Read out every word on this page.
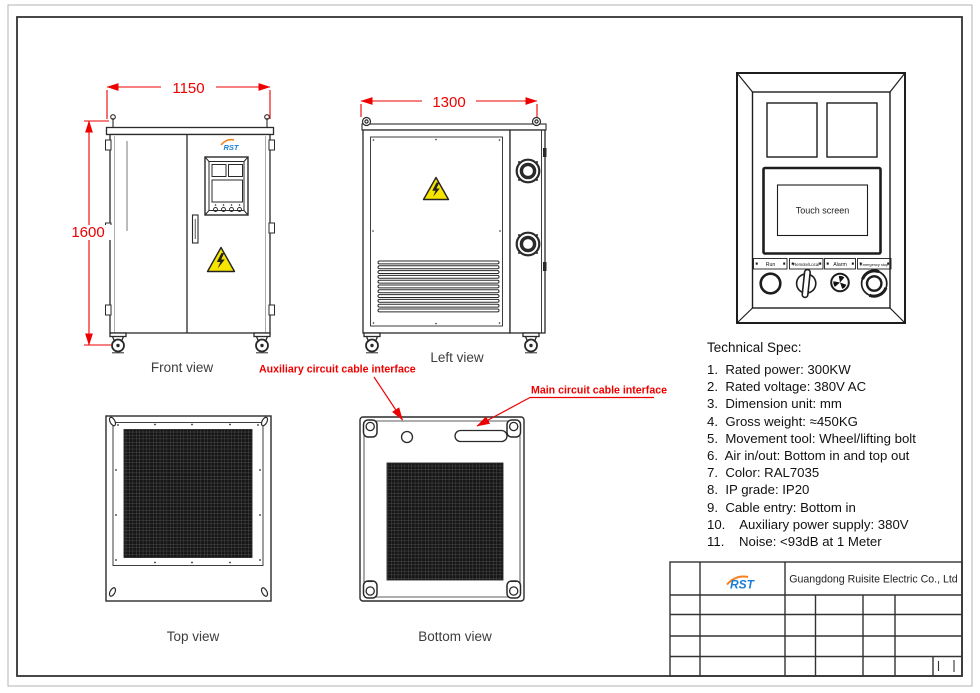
RST
1150
1600
Front view
1300
Left view
Touch screen
Run	Remote/Local	Alarm	Emergency stop
Top view	Bottom view
Auxiliary circuit cable interface
Main circuit cable interface
RST	Guangdong Ruisite Electric Co., Ltd
Technical Spec:
1.  Rated power: 300KW
2.  Rated voltage: 380V AC
3.  Dimension unit: mm
4.  Gross weight: ≈450KG
5.  Movement tool: Wheel/lifting bolt
6.  Air in/out: Bottom in and top out
7.  Color: RAL7035
8.  IP grade: IP20
9.  Cable entry: Bottom in
10.    Auxiliary power supply: 380V
11.    Noise: <93dB at 1 Meter
